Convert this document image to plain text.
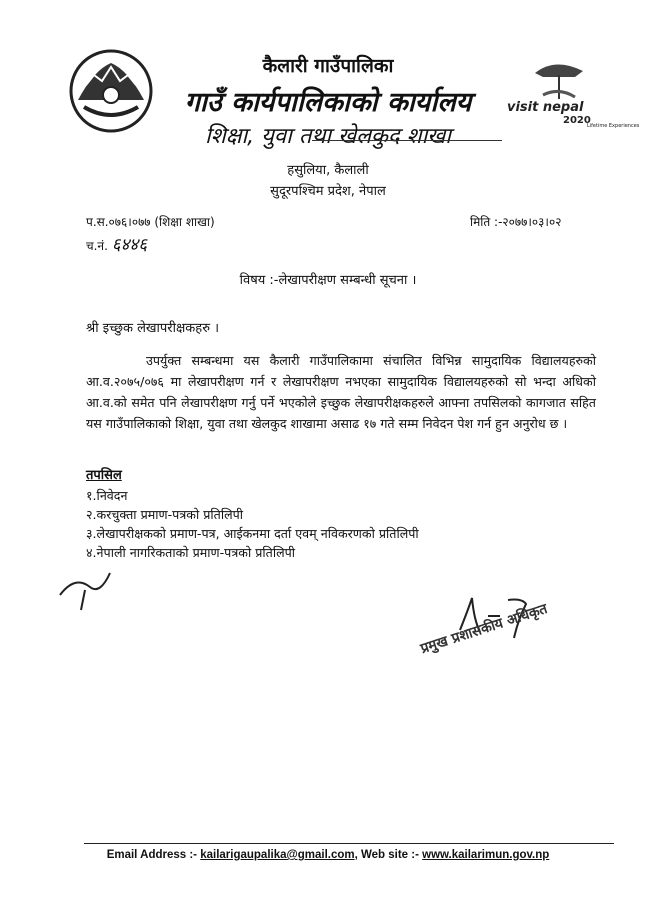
visit nepal
2020
Lifetime Experiences
कैलारी गाउँपालिका
गाउँ कार्यपालिकाको कार्यालय
शिक्षा, युवा तथा खेलकुद शाखा
हसुलिया, कैलाली
सुदूरपश्चिम प्रदेश, नेपाल
प.स.०७६।०७७ (शिक्षा शाखा)
च.नं. ६४४६
मिति :-२०७७।०३।०२
विषय :-लेखापरीक्षण सम्बन्धी सूचना ।
श्री इच्छुक लेखापरीक्षकहरु ।
उपर्युक्त सम्बन्धमा यस कैलारी गाउँपालिकामा संचालित विभिन्न सामुदायिक विद्यालयहरुको आ.व.२०७५/०७६ मा लेखापरीक्षण गर्न र लेखापरीक्षण नभएका सामुदायिक विद्यालयहरुको सो भन्दा अधिको आ.व.को समेत पनि लेखापरीक्षण गर्नु पर्ने भएकोले इच्छुक लेखापरीक्षकहरुले आफ्ना तपसिलको कागजात सहित यस गाउँपालिकाको शिक्षा, युवा तथा खेलकुद शाखामा असाढ १७ गते सम्म निवेदन पेश गर्न हुन अनुरोध छ ।
तपसिल
१.निवेदन
२.करचुक्ता प्रमाण-पत्रको प्रतिलिपी
३.लेखापरीक्षकको प्रमाण-पत्र, आईकनमा दर्ता एवम् नविकरणको प्रतिलिपी
४.नेपाली नागरिकताको प्रमाण-पत्रको प्रतिलिपी
प्रमुख प्रशासकीय अधिकृत
Email Address :- kailarigaupalika@gmail.com, Web site :- www.kailarimun.gov.np
